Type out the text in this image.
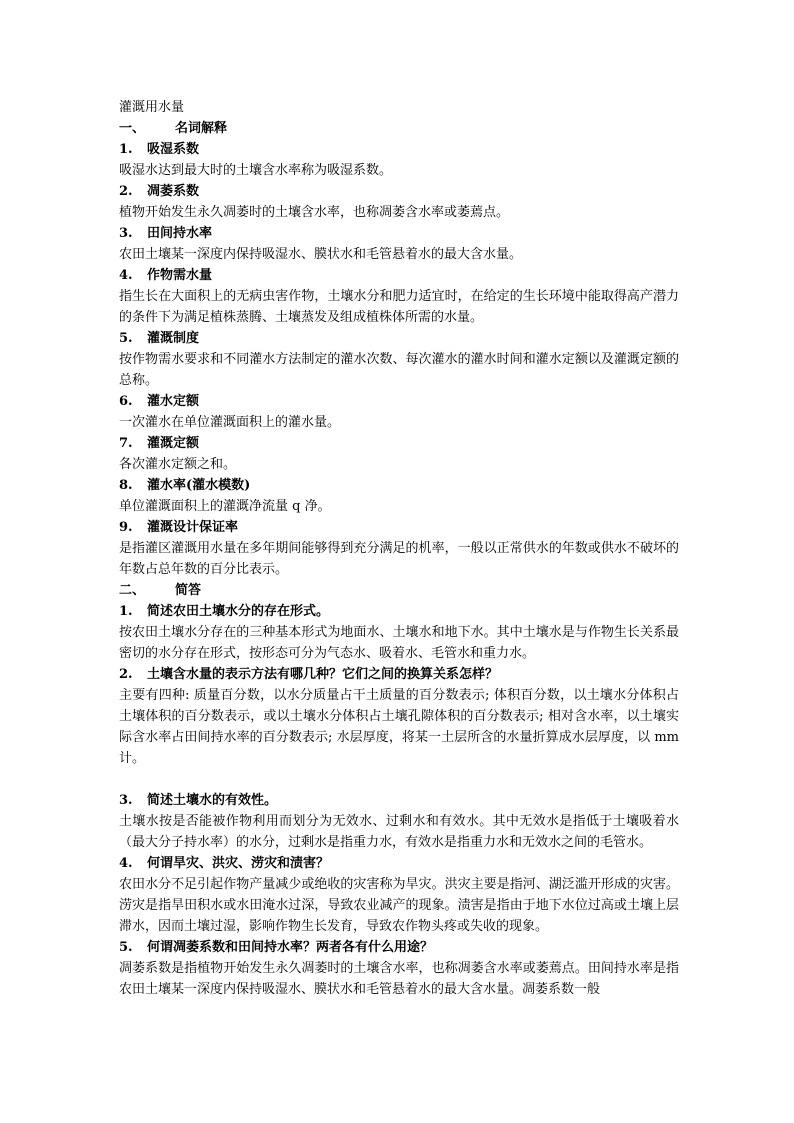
灌溉用水量

一、 名词解释

1. 吸湿系数

吸湿水达到最大时的土壤含水率称为吸湿系数。

2. 凋萎系数

植物开始发生永久凋萎时的土壤含水率，也称凋萎含水率或萎蔫点。

3. 田间持水率

农田土壤某一深度内保持吸湿水、膜状水和毛管悬着水的最大含水量。

4. 作物需水量

指生长在大面积上的无病虫害作物，土壤水分和肥力适宜时，在给定的生长环境中能取得高产潜力的条件下为满足植株蒸腾、土壤蒸发及组成植株体所需的水量。

5. 灌溉制度

按作物需水要求和不同灌水方法制定的灌水次数、每次灌水的灌水时间和灌水定额以及灌溉定额的总称。

6. 灌水定额

一次灌水在单位灌溉面积上的灌水量。

7. 灌溉定额

各次灌水定额之和。

8. 灌水率(灌水模数)

单位灌溉面积上的灌溉净流量 q 净。

9. 灌溉设计保证率

是指灌区灌溉用水量在多年期间能够得到充分满足的机率，一般以正常供水的年数或供水不破坏的年数占总年数的百分比表示。

二、 简答

1. 简述农田土壤水分的存在形式。

按农田土壤水分存在的三种基本形式为地面水、土壤水和地下水。其中土壤水是与作物生长关系最密切的水分存在形式，按形态可分为气态水、吸着水、毛管水和重力水。

2. 土壤含水量的表示方法有哪几种？它们之间的换算关系怎样？

主要有四种: 质量百分数，以水分质量占干土质量的百分数表示; 体积百分数，以土壤水分体积占土壤体积的百分数表示，或以土壤水分体积占土壤孔隙体积的百分数表示; 相对含水率，以土壤实际含水率占田间持水率的百分数表示; 水层厚度，将某一土层所含的水量折算成水层厚度，以 mm 计。

3. 简述土壤水的有效性。

土壤水按是否能被作物利用而划分为无效水、过剩水和有效水。其中无效水是指低于土壤吸着水（最大分子持水率）的水分，过剩水是指重力水，有效水是指重力水和无效水之间的毛管水。

4. 何谓旱灾、洪灾、涝灾和渍害？

农田水分不足引起作物产量减少或绝收的灾害称为旱灾。洪灾主要是指河、湖泛滥开形成的灾害。涝灾是指旱田积水或水田淹水过深，导致农业减产的现象。渍害是指由于地下水位过高或土壤上层滞水，因而土壤过湿，影响作物生长发育，导致农作物头疼或失收的现象。

5. 何谓凋萎系数和田间持水率？两者各有什么用途？

凋萎系数是指植物开始发生永久凋萎时的土壤含水率，也称凋萎含水率或萎蔫点。田间持水率是指农田土壤某一深度内保持吸湿水、膜状水和毛管悬着水的最大含水量。凋萎系数一般
